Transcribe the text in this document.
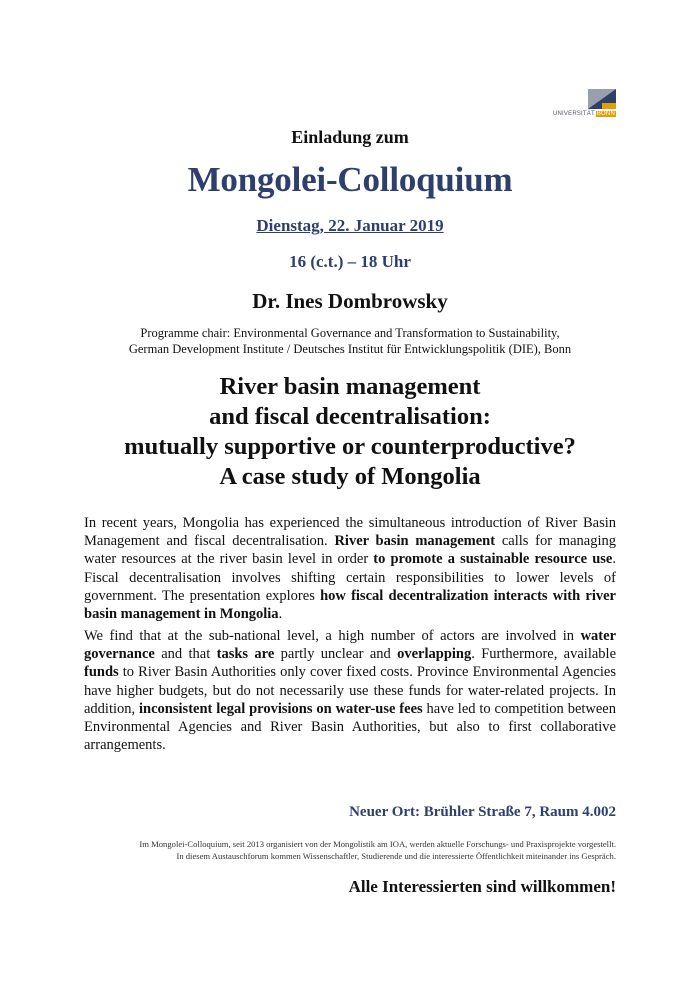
UNIVERSITÄT BONN
Einladung zum
Mongolei-Colloquium
Dienstag, 22. Januar 2019
16 (c.t.) – 18 Uhr
Dr. Ines Dombrowsky
Programme chair: Environmental Governance and Transformation to Sustainability,
German Development Institute / Deutsches Institut für Entwicklungspolitik (DIE), Bonn
River basin management
and fiscal decentralisation:
mutually supportive or counterproductive?
A case study of Mongolia
In recent years, Mongolia has experienced the simultaneous introduction of River Basin Management and fiscal decentralisation. River basin management calls for managing water resources at the river basin level in order to promote a sustainable resource use. Fiscal decentralisation involves shifting certain responsibilities to lower levels of government. The presentation explores how fiscal decentralization interacts with river basin management in Mongolia.
We find that at the sub-national level, a high number of actors are involved in water governance and that tasks are partly unclear and overlapping. Furthermore, available funds to River Basin Authorities only cover fixed costs. Province Environmental Agencies have higher budgets, but do not necessarily use these funds for water-related projects. In addition, inconsistent legal provisions on water-use fees have led to competition between Environmental Agencies and River Basin Authorities, but also to first collaborative arrangements.
Neuer Ort: Brühler Straße 7, Raum 4.002
Im Mongolei-Colloquium, seit 2013 organisiert von der Mongolistik am IOA, werden aktuelle Forschungs- und Praxisprojekte vorgestellt.
In diesem Austauschforum kommen Wissenschaftler, Studierende und die interessierte Öffentlichkeit miteinander ins Gespräch.
Alle Interessierten sind willkommen!
